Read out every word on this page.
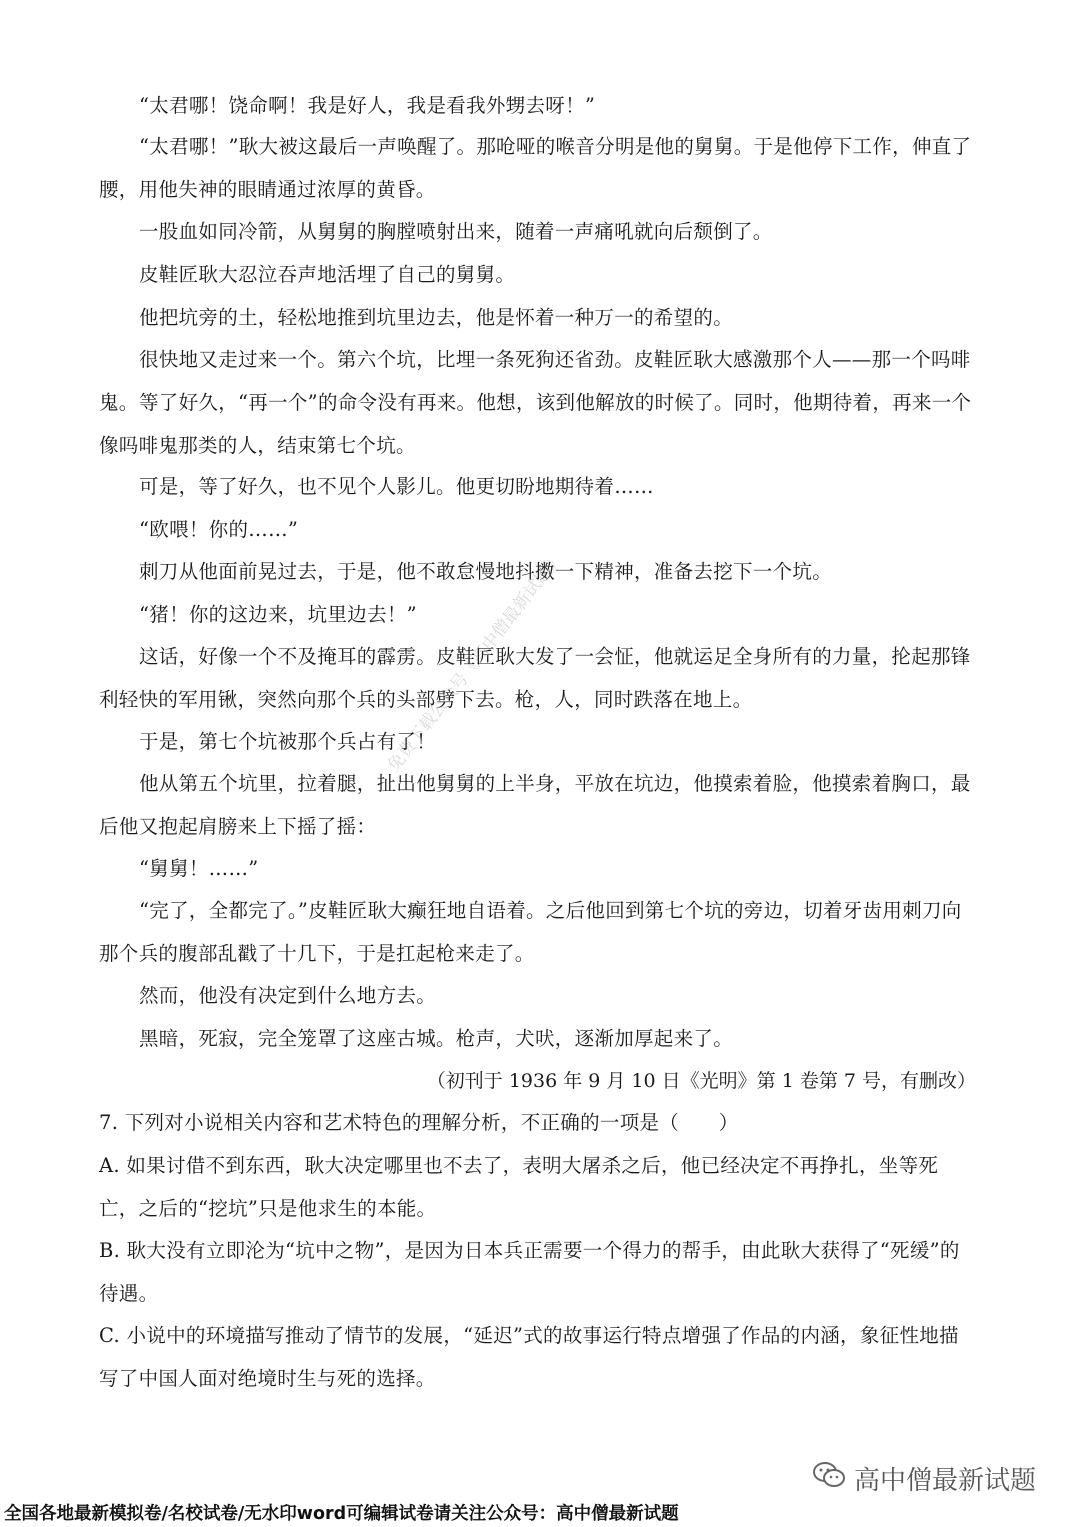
“太君哪！饶命啊！我是好人，我是看我外甥去呀！”

“太君哪！”耿大被这最后一声唤醒了。那呛哑的喉音分明是他的舅舅。于是他停下工作，伸直了腰，用他失神的眼睛通过浓厚的黄昏。

一股血如同冷箭，从舅舅的胸膛喷射出来，随着一声痛吼就向后颓倒了。

皮鞋匠耿大忍泣吞声地活埋了自己的舅舅。

他把坑旁的土，轻松地推到坑里边去，他是怀着一种万一的希望的。

很快地又走过来一个。第六个坑，比埋一条死狗还省劲。皮鞋匠耿大感激那个人——那一个吗啡鬼。 等了好久，“再一个”的命令没有再来。他想，该到他解放的时候了。同时，他期待着，再来一个像吗啡鬼那类的人，结束第七个坑。

可是，等了好久，也不见个人影儿。他更切盼地期待着……

“欧喂！你的……”

刺刀从他面前晃过去，于是，他不敢怠慢地抖擞一下精神，准备去挖下一个坑。

“猪！你的这边来，坑里边去！”

这话，好像一个不及掩耳的霹雳。皮鞋匠耿大发了一会怔，他就运足全身所有的力量，抡起那锋利轻快的军用锹，突然向那个兵的头部劈下去。枪，人，同时跌落在地上。

于是，第七个坑被那个兵占有了！

他从第五个坑里，拉着腿，扯出他舅舅的上半身，平放在坑边，他摸索着脸，他摸索着胸口，最后他又抱起肩膀来上下摇了摇：

“舅舅！……”

“完了，全都完了。”皮鞋匠耿大癫狂地自语着。之后他回到第七个坑的旁边，切着牙齿用刺刀向那个兵的腹部乱戳了十几下，于是扛起枪来走了。

然而，他没有决定到什么地方去。

黑暗，死寂，完全笼罩了这座古城。枪声，犬吠，逐渐加厚起来了。

（初刊于 1936 年 9 月 10 日《光明》第 1 卷第 7 号，有删改）

7. 下列对小说相关内容和艺术特色的理解分析，不正确的一项是（　　）

A. 如果讨借不到东西，耿大决定哪里也不去了，表明大屠杀之后，他已经决定不再挣扎，坐等死亡，之后的“挖坑”只是他求生的本能。

B. 耿大没有立即沦为“坑中之物”，是因为日本兵正需要一个得力的帮手，由此耿大获得了“死缓”的待遇。

C. 小说中的环境描写推动了情节的发展，“延迟”式的故事运行特点增强了作品的内涵，象征性地描写了中国人面对绝境时生与死的选择。

免费下载公众号《高中僧最新试题》
高中僧最新试题
全国各地最新模拟卷/名校试卷/无水印word可编辑试卷请关注公众号：高中僧最新试题
